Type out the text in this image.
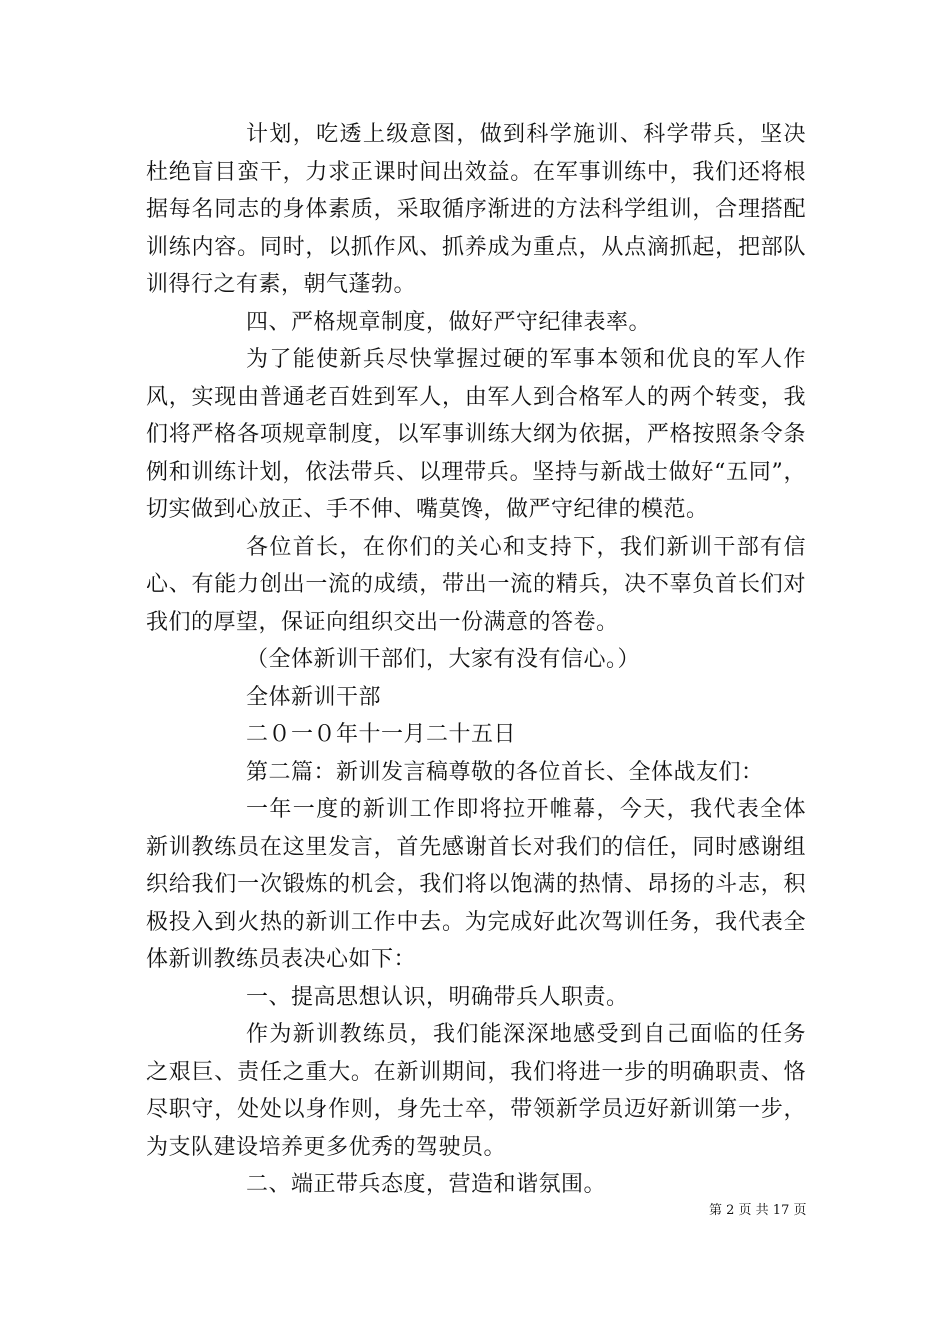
计划，吃透上级意图，做到科学施训、科学带兵，坚决杜绝盲目蛮干，力求正课时间出效益。在军事训练中，我们还将根据每名同志的身体素质，采取循序渐进的方法科学组训，合理搭配训练内容。同时，以抓作风、抓养成为重点，从点滴抓起，把部队训得行之有素，朝气蓬勃。

四、严格规章制度，做好严守纪律表率。

为了能使新兵尽快掌握过硬的军事本领和优良的军人作风，实现由普通老百姓到军人，由军人到合格军人的两个转变，我们将严格各项规章制度，以军事训练大纲为依据，严格按照条令条例和训练计划，依法带兵、以理带兵。坚持与新战士做好“五同”，切实做到心放正、手不伸、嘴莫馋，做严守纪律的模范。

各位首长，在你们的关心和支持下，我们新训干部有信心、有能力创出一流的成绩，带出一流的精兵，决不辜负首长们对我们的厚望，保证向组织交出一份满意的答卷。

（全体新训干部们，大家有没有信心。）

全体新训干部

二０一０年十一月二十五日

第二篇：新训发言稿尊敬的各位首长、全体战友们：

一年一度的新训工作即将拉开帷幕，今天，我代表全体新训教练员在这里发言，首先感谢首长对我们的信任，同时感谢组织给我们一次锻炼的机会，我们将以饱满的热情、昂扬的斗志，积极投入到火热的新训工作中去。为完成好此次驾训任务，我代表全体新训教练员表决心如下：

一、提高思想认识，明确带兵人职责。

作为新训教练员，我们能深深地感受到自己面临的任务之艰巨、责任之重大。在新训期间，我们将进一步的明确职责、恪尽职守，处处以身作则，身先士卒，带领新学员迈好新训第一步，为支队建设培养更多优秀的驾驶员。

二、端正带兵态度，营造和谐氛围。

第 2 页 共 17 页
